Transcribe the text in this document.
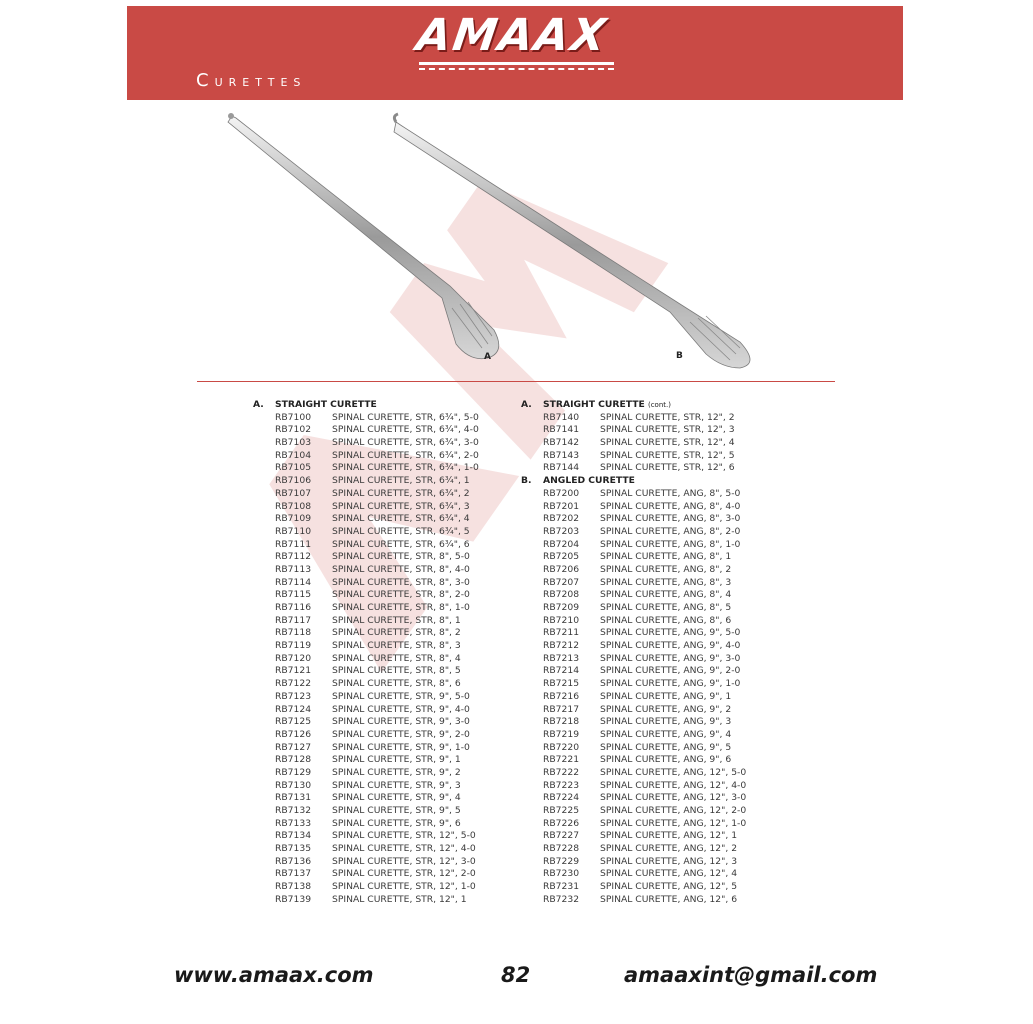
AMAAX
Curettes
A	B
A. STRAIGHT CURETTE
RB7100 SPINAL CURETTE, STR, 6¾", 5-0
RB7102 SPINAL CURETTE, STR, 6¾", 4-0
RB7103 SPINAL CURETTE, STR, 6¾", 3-0
RB7104 SPINAL CURETTE, STR, 6¾", 2-0
RB7105 SPINAL CURETTE, STR, 6¾", 1-0
RB7106 SPINAL CURETTE, STR, 6¾", 1
RB7107 SPINAL CURETTE, STR, 6¾", 2
RB7108 SPINAL CURETTE, STR, 6¾", 3
RB7109 SPINAL CURETTE, STR, 6¾", 4
RB7110 SPINAL CURETTE, STR, 6¾", 5
RB7111 SPINAL CURETTE, STR, 6¾", 6
RB7112 SPINAL CURETTE, STR, 8", 5-0
RB7113 SPINAL CURETTE, STR, 8", 4-0
RB7114 SPINAL CURETTE, STR, 8", 3-0
RB7115 SPINAL CURETTE, STR, 8", 2-0
RB7116 SPINAL CURETTE, STR, 8", 1-0
RB7117 SPINAL CURETTE, STR, 8", 1
RB7118 SPINAL CURETTE, STR, 8", 2
RB7119 SPINAL CURETTE, STR, 8", 3
RB7120 SPINAL CURETTE, STR, 8", 4
RB7121 SPINAL CURETTE, STR, 8", 5
RB7122 SPINAL CURETTE, STR, 8", 6
RB7123 SPINAL CURETTE, STR, 9", 5-0
RB7124 SPINAL CURETTE, STR, 9", 4-0
RB7125 SPINAL CURETTE, STR, 9", 3-0
RB7126 SPINAL CURETTE, STR, 9", 2-0
RB7127 SPINAL CURETTE, STR, 9", 1-0
RB7128 SPINAL CURETTE, STR, 9", 1
RB7129 SPINAL CURETTE, STR, 9", 2
RB7130 SPINAL CURETTE, STR, 9", 3
RB7131 SPINAL CURETTE, STR, 9", 4
RB7132 SPINAL CURETTE, STR, 9", 5
RB7133 SPINAL CURETTE, STR, 9", 6
RB7134 SPINAL CURETTE, STR, 12", 5-0
RB7135 SPINAL CURETTE, STR, 12", 4-0
RB7136 SPINAL CURETTE, STR, 12", 3-0
RB7137 SPINAL CURETTE, STR, 12", 2-0
RB7138 SPINAL CURETTE, STR, 12", 1-0
RB7139 SPINAL CURETTE, STR, 12", 1
A. STRAIGHT CURETTE (cont.)
RB7140 SPINAL CURETTE, STR, 12", 2
RB7141 SPINAL CURETTE, STR, 12", 3
RB7142 SPINAL CURETTE, STR, 12", 4
RB7143 SPINAL CURETTE, STR, 12", 5
RB7144 SPINAL CURETTE, STR, 12", 6
B. ANGLED CURETTE
RB7200 SPINAL CURETTE, ANG, 8", 5-0
RB7201 SPINAL CURETTE, ANG, 8", 4-0
RB7202 SPINAL CURETTE, ANG, 8", 3-0
RB7203 SPINAL CURETTE, ANG, 8", 2-0
RB7204 SPINAL CURETTE, ANG, 8", 1-0
RB7205 SPINAL CURETTE, ANG, 8", 1
RB7206 SPINAL CURETTE, ANG, 8", 2
RB7207 SPINAL CURETTE, ANG, 8", 3
RB7208 SPINAL CURETTE, ANG, 8", 4
RB7209 SPINAL CURETTE, ANG, 8", 5
RB7210 SPINAL CURETTE, ANG, 8", 6
RB7211 SPINAL CURETTE, ANG, 9", 5-0
RB7212 SPINAL CURETTE, ANG, 9", 4-0
RB7213 SPINAL CURETTE, ANG, 9", 3-0
RB7214 SPINAL CURETTE, ANG, 9", 2-0
RB7215 SPINAL CURETTE, ANG, 9", 1-0
RB7216 SPINAL CURETTE, ANG, 9", 1
RB7217 SPINAL CURETTE, ANG, 9", 2
RB7218 SPINAL CURETTE, ANG, 9", 3
RB7219 SPINAL CURETTE, ANG, 9", 4
RB7220 SPINAL CURETTE, ANG, 9", 5
RB7221 SPINAL CURETTE, ANG, 9", 6
RB7222 SPINAL CURETTE, ANG, 12", 5-0
RB7223 SPINAL CURETTE, ANG, 12", 4-0
RB7224 SPINAL CURETTE, ANG, 12", 3-0
RB7225 SPINAL CURETTE, ANG, 12", 2-0
RB7226 SPINAL CURETTE, ANG, 12", 1-0
RB7227 SPINAL CURETTE, ANG, 12", 1
RB7228 SPINAL CURETTE, ANG, 12", 2
RB7229 SPINAL CURETTE, ANG, 12", 3
RB7230 SPINAL CURETTE, ANG, 12", 4
RB7231 SPINAL CURETTE, ANG, 12", 5
RB7232 SPINAL CURETTE, ANG, 12", 6
www.amaax.com	82	amaaxint@gmail.com
